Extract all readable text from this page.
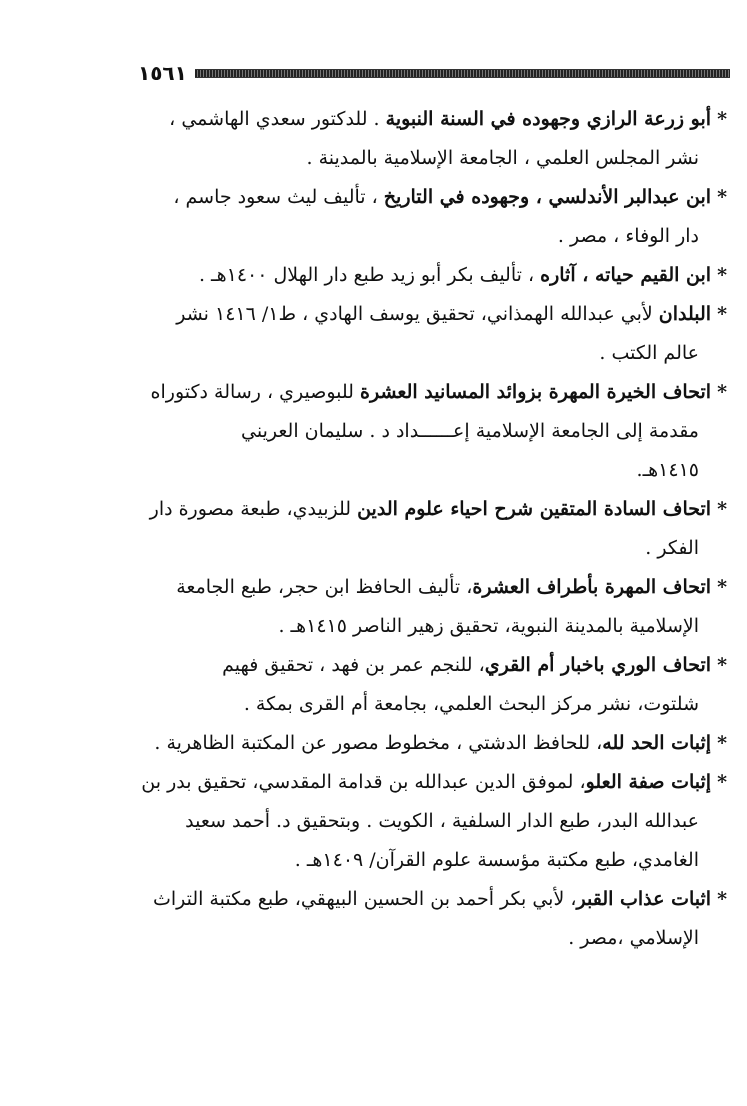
١٥٦١
*أبو زرعة الرازي وجهوده في السنة النبوية . للدكتور سعدي الهاشمي ،
نشر المجلس العلمي ، الجامعة الإسلامية بالمدينة .
*ابن عبدالبر الأندلسي ، وجهوده في التاريخ ، تأليف ليث سعود جاسم ،
دار الوفاء ، مصر .
*ابن القيم حياته ، آثاره ، تأليف بكر أبو زيد طبع دار الهلال ١٤٠٠هـ .
*البلدان لأبي عبدالله الهمذاني، تحقيق يوسف الهادي ، ط١/ ١٤١٦ نشر
عالم الكتب .
*اتحاف الخيرة المهرة بزوائد المسانيد العشرة للبوصيري ، رسالة دكتوراه
مقدمة إلى الجامعة الإسلامية إعــــــداد د . سليمان العريني
١٤١٥هـ.
*اتحاف السادة المتقين شرح احياء علوم الدين للزبيدي، طبعة مصورة دار
الفكر .
*اتحاف المهرة بأطراف العشرة، تأليف الحافظ ابن حجر، طبع الجامعة
الإسلامية بالمدينة النبوية، تحقيق زهير الناصر ١٤١٥هـ .
*اتحاف الوري باخبار أم القري، للنجم عمر بن فهد ، تحقيق فهيم
شلتوت، نشر مركز البحث العلمي، بجامعة أم القرى بمكة .
*إثبات الحد لله، للحافظ الدشتي ، مخطوط مصور عن المكتبة الظاهرية .
*إثبات صفة العلو، لموفق الدين عبدالله بن قدامة المقدسي، تحقيق بدر بن
عبدالله البدر، طبع الدار السلفية ، الكويت . وبتحقيق د. أحمد سعيد
الغامدي، طبع مكتبة مؤسسة علوم القرآن/ ١٤٠٩هـ .
*اثبات عذاب القبر، لأبي بكر أحمد بن الحسين البيهقي، طبع مكتبة التراث
الإسلامي ،مصر .
